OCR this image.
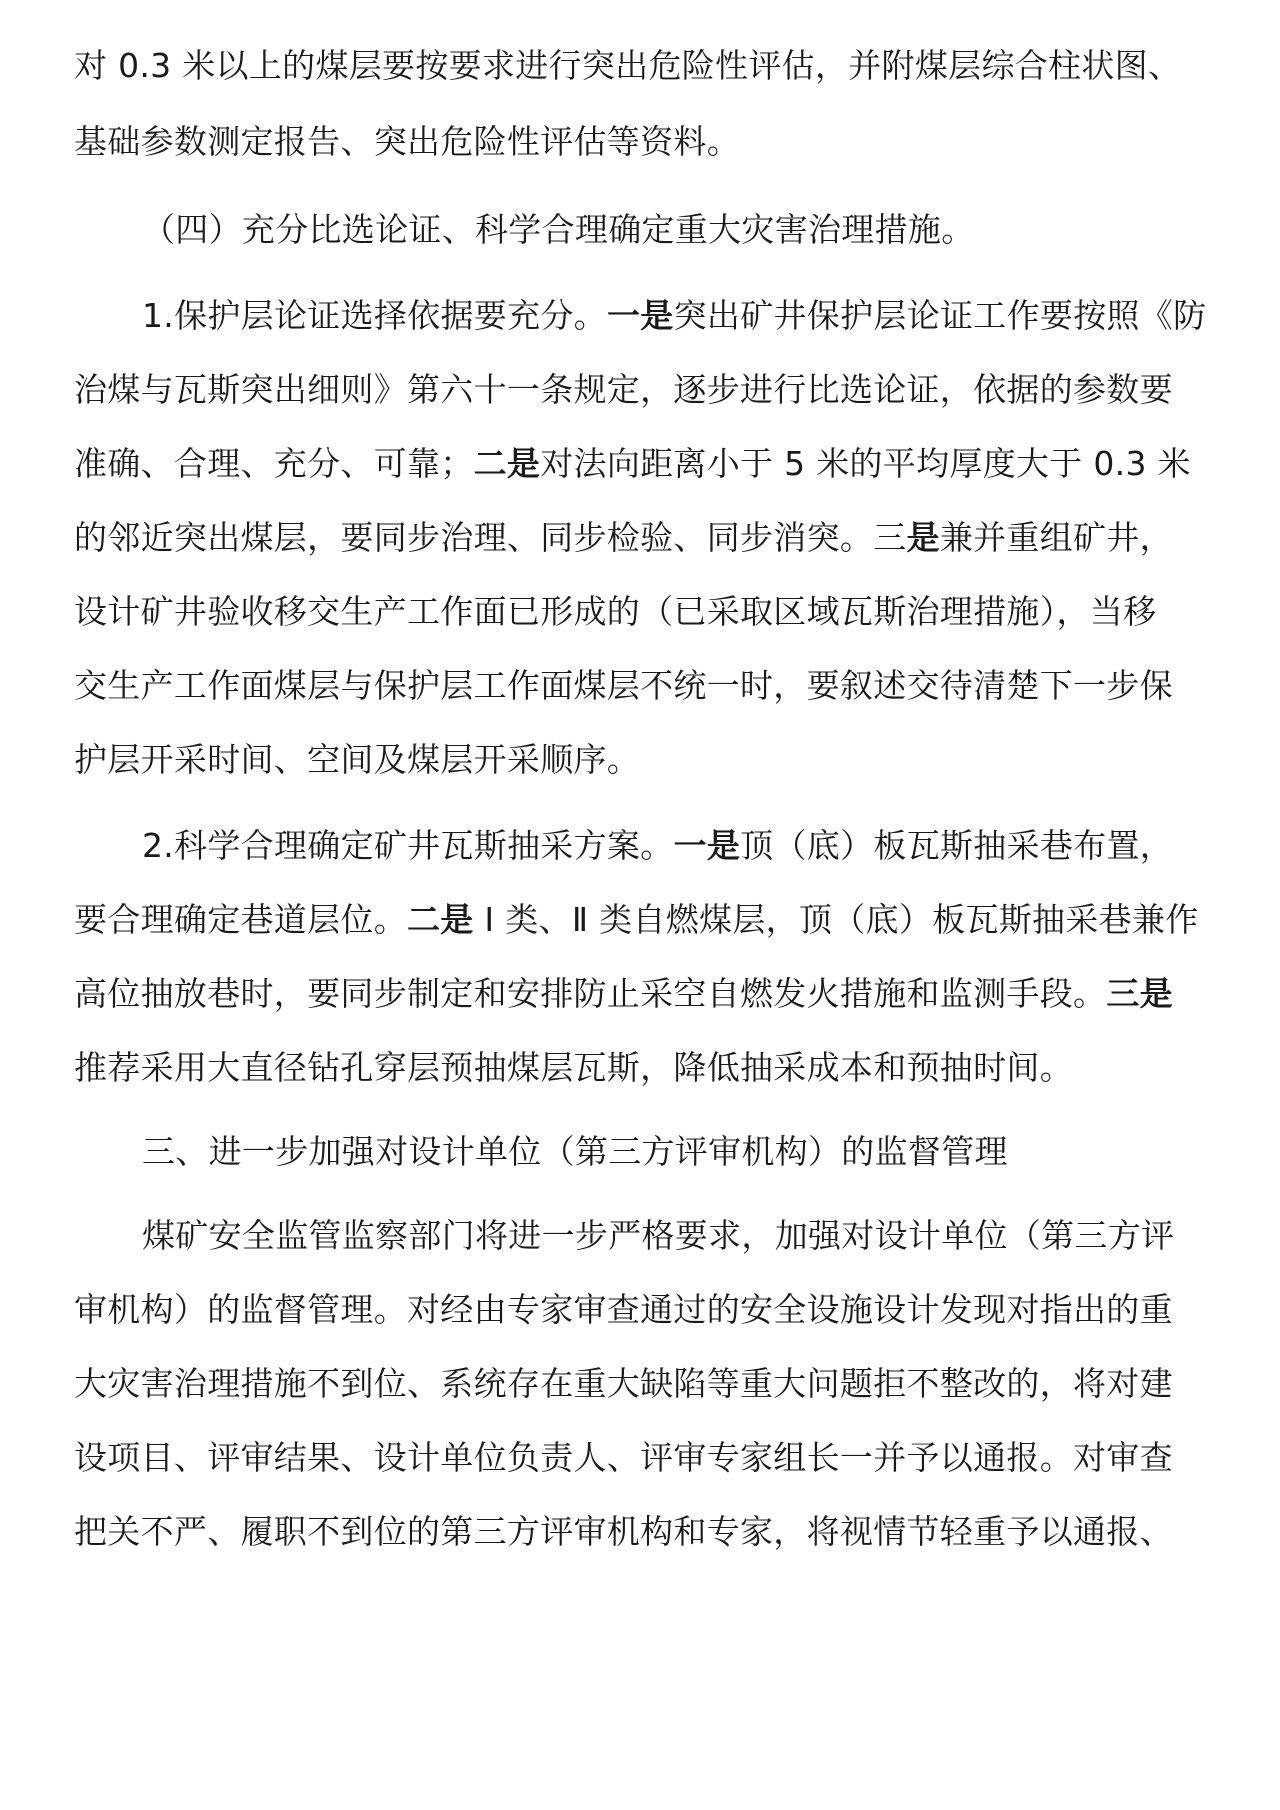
对 0.3 米以上的煤层要按要求进行突出危险性评估，并附煤层综合柱状图、
基础参数测定报告、突出危险性评估等资料。
（四）充分比选论证、科学合理确定重大灾害治理措施。
1.保护层论证选择依据要充分。一是突出矿井保护层论证工作要按照《防
治煤与瓦斯突出细则》第六十一条规定，逐步进行比选论证，依据的参数要
准确、合理、充分、可靠；二是对法向距离小于 5 米的平均厚度大于 0.3 米
的邻近突出煤层，要同步治理、同步检验、同步消突。三是兼并重组矿井，
设计矿井验收移交生产工作面已形成的（已采取区域瓦斯治理措施），当移
交生产工作面煤层与保护层工作面煤层不统一时，要叙述交待清楚下一步保
护层开采时间、空间及煤层开采顺序。
2.科学合理确定矿井瓦斯抽采方案。一是顶（底）板瓦斯抽采巷布置，
要合理确定巷道层位。二是 Ⅰ 类、Ⅱ 类自燃煤层，顶（底）板瓦斯抽采巷兼作
高位抽放巷时，要同步制定和安排防止采空自燃发火措施和监测手段。三是
推荐采用大直径钻孔穿层预抽煤层瓦斯，降低抽采成本和预抽时间。
三、进一步加强对设计单位（第三方评审机构）的监督管理
煤矿安全监管监察部门将进一步严格要求，加强对设计单位（第三方评
审机构）的监督管理。对经由专家审查通过的安全设施设计发现对指出的重
大灾害治理措施不到位、系统存在重大缺陷等重大问题拒不整改的，将对建
设项目、评审结果、设计单位负责人、评审专家组长一并予以通报。对审查
把关不严、履职不到位的第三方评审机构和专家，将视情节轻重予以通报、
